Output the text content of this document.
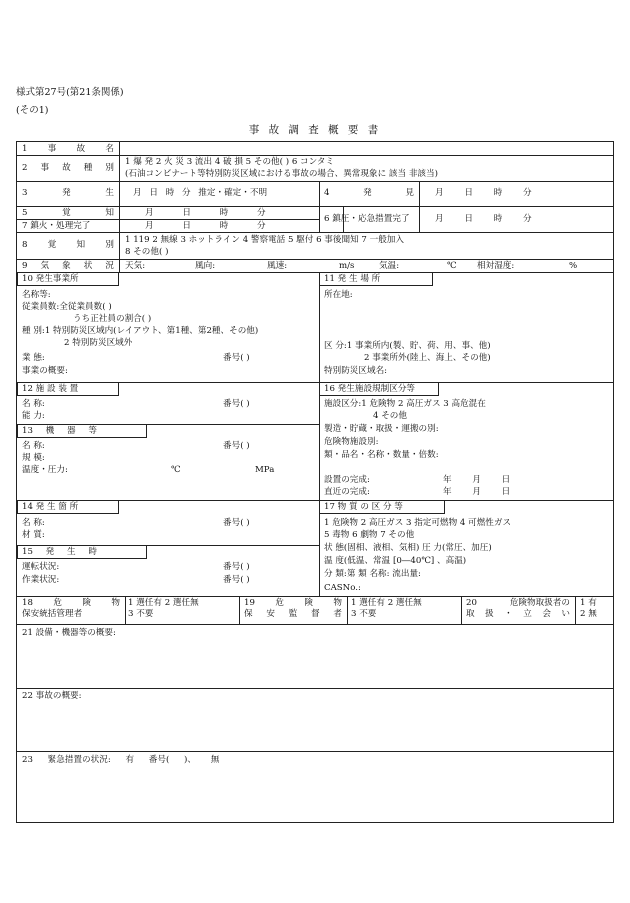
様式第27号(第21条関係)
(その1)
事 故 調 査 概 要 書
1 事 故 名
2 事 故 種 別
1 爆 発 2 火 災 3 流出 4 破 損 5 その他( ) 6 コンタミ
(石油コンビナート等特別防災区域における事故の場合、異常現象に 該当 非該当)
3	発	生 月 日 時 分 推定・確定・不明	4	発	見 月 日 時 分
5	覚	知	月 日 時 分
6 鎮圧・応急措置完了	月 日 時 分
7 鎮火・処理完了	月 日 時 分
8 覚 知 別 1 119 2 無線 3 ホットライン 4 警察電話 5 駆付 6 事後聞知 7 一般加入
8 その他( )
9 気 象 状 況 天気:	風向:	風速:	m/s	気温:	℃ 相対湿度:	%
10 発生事業所
名称等:
従業員数:全従業員数( )
うち正社員の割合( )
種 別:1 特別防災区域内(レイアウト、第1種、第2種、その他)
2 特別防災区域外
業 態:	番号( )
事業の概要:
11 発 生 場 所
所在地:
区 分:1 事業所内(製、貯、荷、用、事、他)
2 事業所外(陸上、海上、その他)
特別防災区域名:
12 施 設 装 置
名 称:	番号( )
能 力:
13 機 器 等
名 称:	番号( )
規 模:
温度・圧力:	℃	MPa
16 発生施設規制区分等
施設区分:1 危険物 2 高圧ガス 3 高危混在
4 その他
製造・貯蔵・取扱・運搬の別:
危険物施設別:
類・品名・名称・数量・倍数:
設置の完成:	年 月 日
直近の完成:	年 月 日
14 発 生 箇 所
名 称:	番号( )
材 質:
15 発 生 時
運転状況:	番号( )
作業状況:	番号( )
17 物 質 の 区 分 等
1 危険物 2 高圧ガス 3 指定可燃物 4 可燃性ガス
5 毒物 6 劇物 7 その他
状 態(固相、液相、気相) 圧 力(常圧、加圧)
温 度(低温、常温 [0―40℃] 、高温)
分 類:第 類 名称: 流出量:
CASNo.:
18 危 険 物
保安統括管理者
1 選任有 2 選任無
3 不要
19 危 険 物
保 安 監 督 者
1 選任有 2 選任無
3 不要
20	危険物取扱者の
取 扱 ・ 立 会 い
1 有
2 無
21 設備・機器等の概要:
22 事故の概要:
23 緊急措置の状況: 有 番号( )、 無
